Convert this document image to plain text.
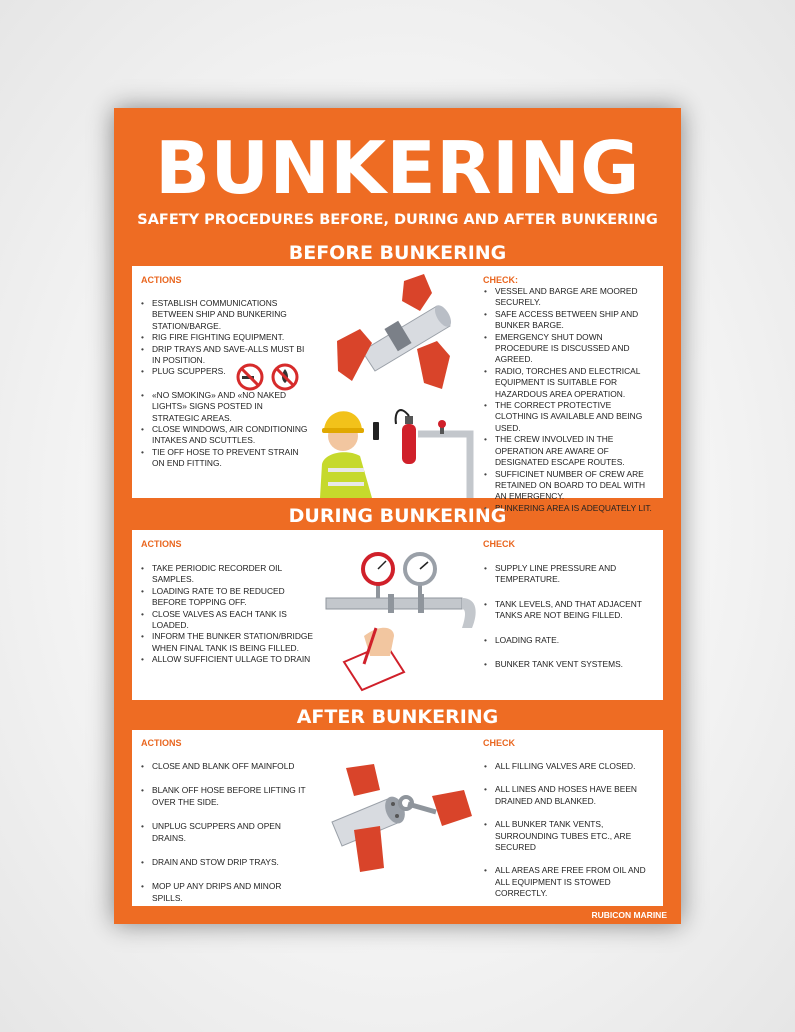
BUNKERING
SAFETY PROCEDURES BEFORE, DURING AND AFTER BUNKERING
BEFORE BUNKERING
ACTIONS
• ESTABLISH COMMUNICATIONS BETWEEN SHIP AND BUNKERING STATION/BARGE.
• RIG FIRE FIGHTING EQUIPMENT.
• DRIP TRAYS AND SAVE-ALLS MUST BI IN POSITION.
• PLUG SCUPPERS.
• «NO SMOKING» AND «NO NAKED LIGHTS» SIGNS POSTED IN STRATEGIC AREAS.
• CLOSE WINDOWS, AIR CONDITIONING INTAKES AND SCUTTLES.
• TIE OFF HOSE TO PREVENT STRAIN ON END FITTING.
CHECK:
• VESSEL AND BARGE ARE MOORED SECURELY.
• SAFE ACCESS BETWEEN SHIP AND BUNKER BARGE.
• EMERGENCY SHUT DOWN PROCEDURE IS DISCUSSED AND AGREED.
• RADIO, TORCHES AND ELECTRICAL EQUIPMENT IS SUITABLE FOR HAZARDOUS AREA OPERATION.
• THE CORRECT PROTECTIVE CLOTHING IS AVAILABLE AND BEING USED.
• THE CREW INVOLVED IN THE OPERATION ARE AWARE OF DESIGNATED ESCAPE ROUTES.
• SUFFICINET NUMBER OF CREW ARE RETAINED ON BOARD TO DEAL WITH AN EMERGENCY.
• BUNKERING AREA IS ADEQUATELY LIT.
DURING BUNKERING
ACTIONS
• TAKE PERIODIC RECORDER OIL SAMPLES.
• LOADING RATE TO BE REDUCED BEFORE TOPPING OFF.
• CLOSE VALVES AS EACH TANK IS LOADED.
• INFORM THE BUNKER STATION/BRIDGE WHEN FINAL TANK IS BEING FILLED.
• ALLOW SUFFICIENT ULLAGE TO DRAIN
CHECK
• SUPPLY LINE PRESSURE AND TEMPERATURE.
• TANK LEVELS, AND THAT ADJACENT TANKS ARE NOT BEING FILLED.
• LOADING RATE.
• BUNKER TANK VENT SYSTEMS.
AFTER BUNKERING
ACTIONS
• CLOSE AND BLANK OFF MAINFOLD
• BLANK OFF HOSE BEFORE LIFTING IT OVER THE SIDE.
• UNPLUG SCUPPERS AND OPEN DRAINS.
• DRAIN AND STOW DRIP TRAYS.
• MOP UP ANY DRIPS AND MINOR SPILLS.
CHECK
• ALL FILLING VALVES ARE CLOSED.
• ALL LINES AND HOSES HAVE BEEN DRAINED AND BLANKED.
• ALL BUNKER TANK VENTS, SURROUNDING TUBES ETC., ARE SECURED
• ALL AREAS ARE FREE FROM OIL AND ALL EQUIPMENT IS STOWED CORRECTLY.
RUBICON MARINE
